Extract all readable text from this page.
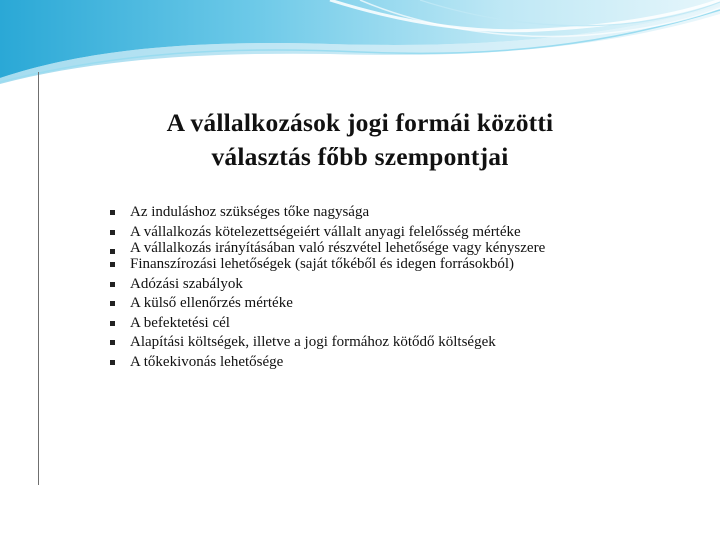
A vállalkozások jogi formái közötti
választás főbb szempontjai
Az induláshoz szükséges tőke nagysága
A vállalkozás kötelezettségeiért vállalt anyagi felelősség mértéke
A vállalkozás irányításában való részvétel lehetősége vagy kényszere
Finanszírozási lehetőségek (saját tőkéből és idegen forrásokból)
Adózási szabályok
A külső ellenőrzés mértéke
A befektetési cél
Alapítási költségek, illetve a jogi formához kötődő költségek
A tőkekivonás lehetősége
